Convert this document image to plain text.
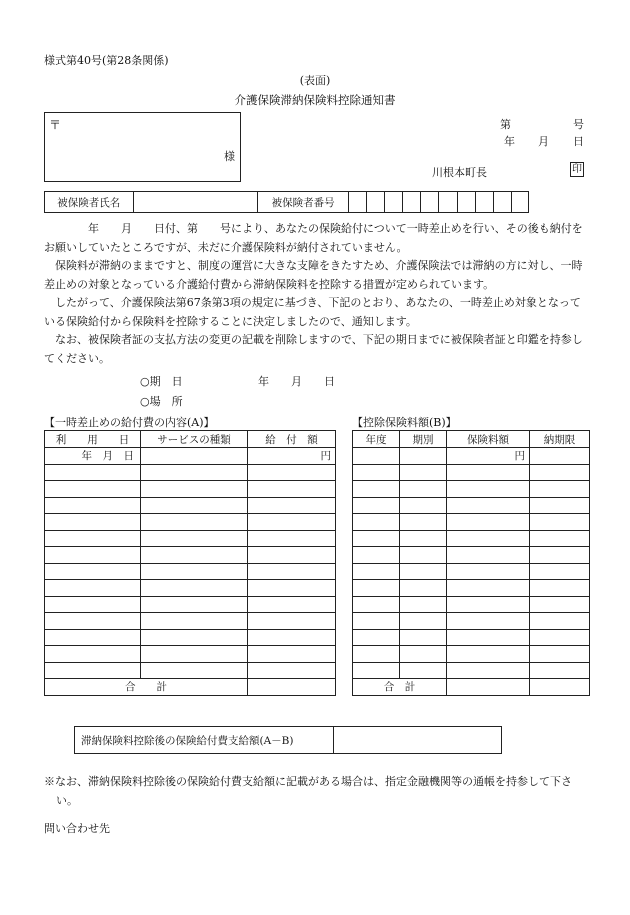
様式第40号(第28条関係)
(表面)
介護保険滞納保険料控除通知書
〒
様
第	号
年 月 日
川根本町長	印
被保険者氏名		被保険者番号										
　　　　年　　月　　日付、第　　号により、あなたの保険給付について一時差止めを行い、その後も納付をお願いしていたところですが、未だに介護保険料が納付されていません。
　保険料が滞納のままですと、制度の運営に大きな支障をきたすため、介護保険法では滞納の方に対し、一時差止めの対象となっている介護給付費から滞納保険料を控除する措置が定められています。
　したがって、介護保険法第67条第3項の規定に基づき、下記のとおり、あなたの、一時差止め対象となっている保険給付から保険料を控除することに決定しましたので、通知します。
　なお、被保険者証の支払方法の変更の記載を削除しますので、下記の期日までに被保険者証と印鑑を持参してください。
○期　日	年　　月　　日
○場　所
【一時差止めの給付費の内容(A)】	【控除保険料額(B)】
利　　用　　日	サービスの種類	給　付　額
年　月　日		円

合　　計		
年度	期別	保険料額	納期限
		円	

合　計			
滞納保険料控除後の保険給付費支給額(A－B)	
※なお、滞納保険料控除後の保険給付費支給額に記載がある場合は、指定金融機関等の通帳を持参して下さい。
問い合わせ先
